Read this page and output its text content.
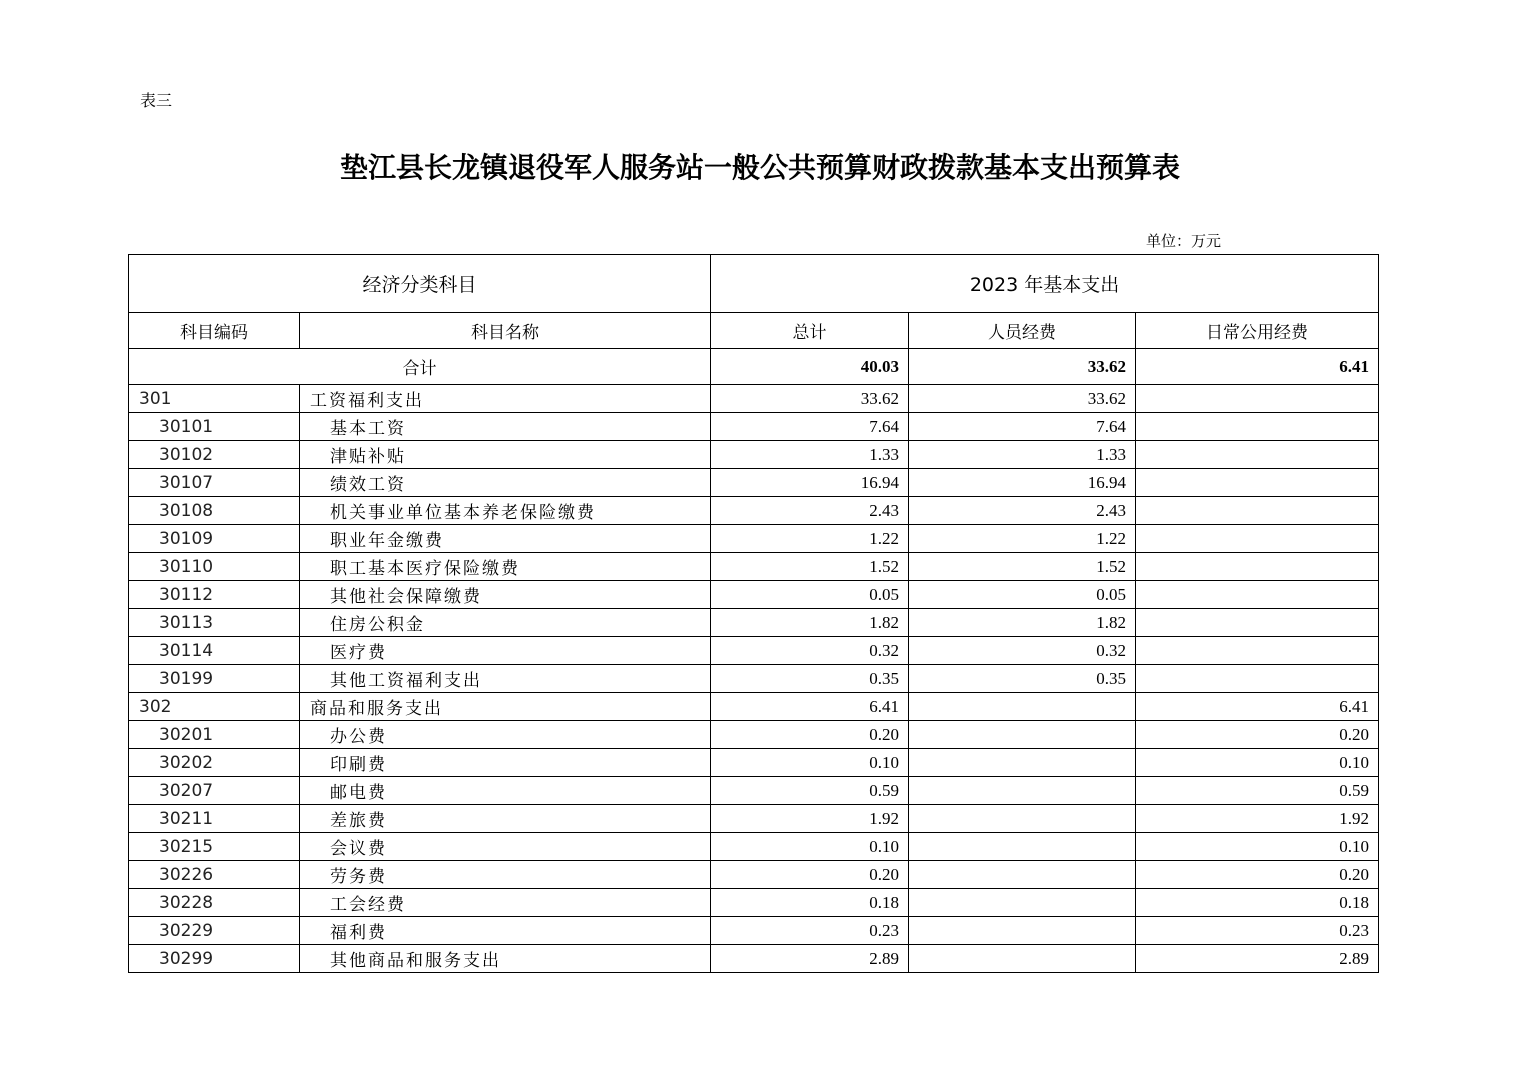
表三
垫江县长龙镇退役军人服务站一般公共预算财政拨款基本支出预算表
单位：万元
经济分类科目		2023 年基本支出		
科目编码	科目名称	总计	人员经费	日常公用经费
合计		40.03	33.62	6.41
301	工资福利支出	33.62	33.62	
30101	基本工资	7.64	7.64	
30102	津贴补贴	1.33	1.33	
30107	绩效工资	16.94	16.94	
30108	机关事业单位基本养老保险缴费	2.43	2.43	
30109	职业年金缴费	1.22	1.22	
30110	职工基本医疗保险缴费	1.52	1.52	
30112	其他社会保障缴费	0.05	0.05	
30113	住房公积金	1.82	1.82	
30114	医疗费	0.32	0.32	
30199	其他工资福利支出	0.35	0.35	
302	商品和服务支出	6.41		6.41
30201	办公费	0.20		0.20
30202	印刷费	0.10		0.10
30207	邮电费	0.59		0.59
30211	差旅费	1.92		1.92
30215	会议费	0.10		0.10
30226	劳务费	0.20		0.20
30228	工会经费	0.18		0.18
30229	福利费	0.23		0.23
30299	其他商品和服务支出	2.89		2.89
